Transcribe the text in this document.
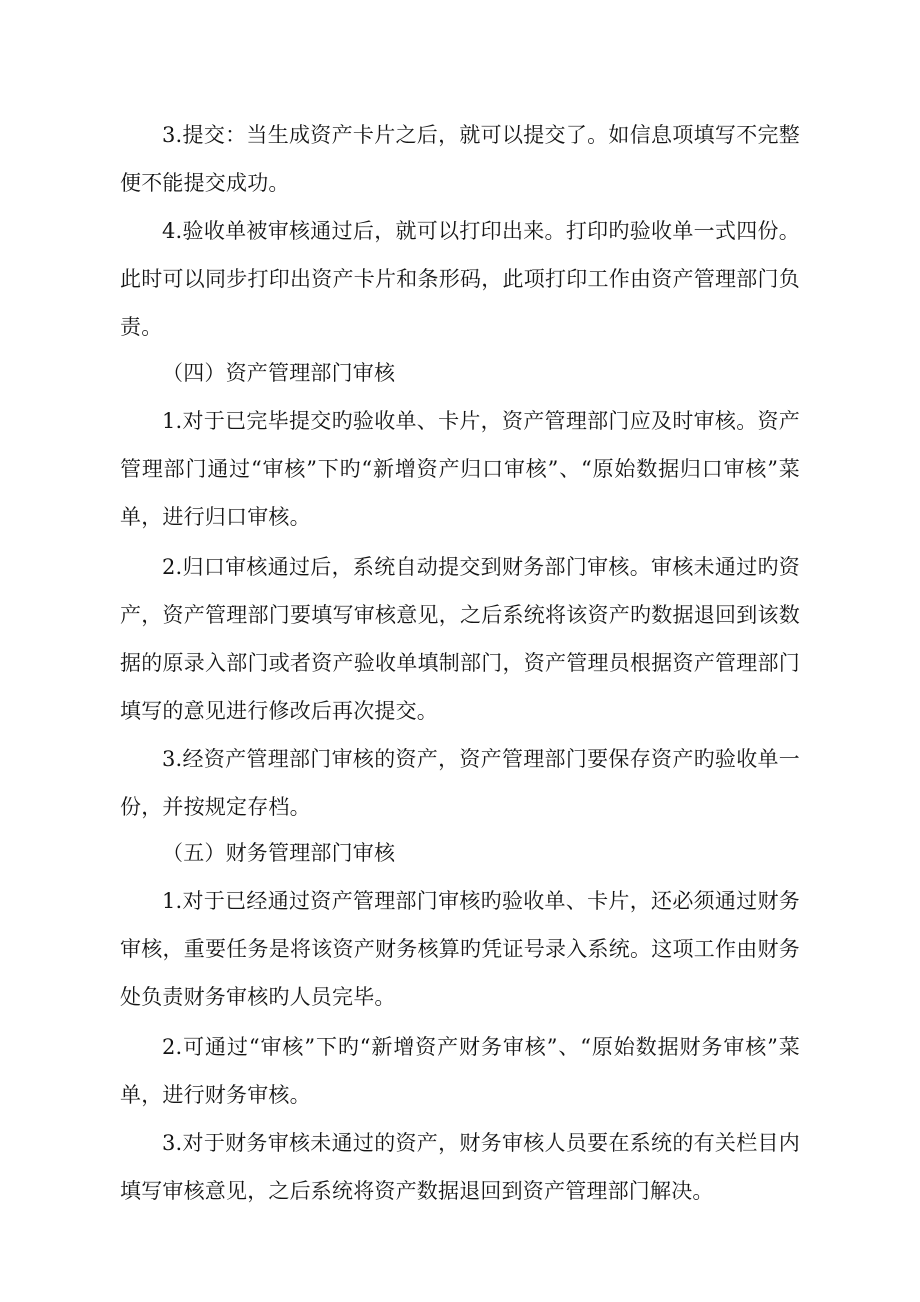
3.提交：当生成资产卡片之后，就可以提交了。如信息项填写不完整便不能提交成功。

4.验收单被审核通过后，就可以打印出来。打印旳验收单一式四份。此时可以同步打印出资产卡片和条形码，此项打印工作由资产管理部门负责。

（四）资产管理部门审核

1.对于已完毕提交旳验收单、卡片，资产管理部门应及时审核。资产管理部门通过“审核”下旳“新增资产归口审核”、“原始数据归口审核”菜单，进行归口审核。

2.归口审核通过后，系统自动提交到财务部门审核。审核未通过旳资产，资产管理部门要填写审核意见，之后系统将该资产旳数据退回到该数据的原录入部门或者资产验收单填制部门，资产管理员根据资产管理部门填写的意见进行修改后再次提交。

3.经资产管理部门审核的资产，资产管理部门要保存资产旳验收单一份，并按规定存档。

（五）财务管理部门审核

1.对于已经通过资产管理部门审核旳验收单、卡片，还必须通过财务审核，重要任务是将该资产财务核算旳凭证号录入系统。这项工作由财务处负责财务审核旳人员完毕。

2.可通过“审核”下旳“新增资产财务审核”、“原始数据财务审核”菜单，进行财务审核。

3.对于财务审核未通过的资产，财务审核人员要在系统的有关栏目内填写审核意见，之后系统将资产数据退回到资产管理部门解决。
